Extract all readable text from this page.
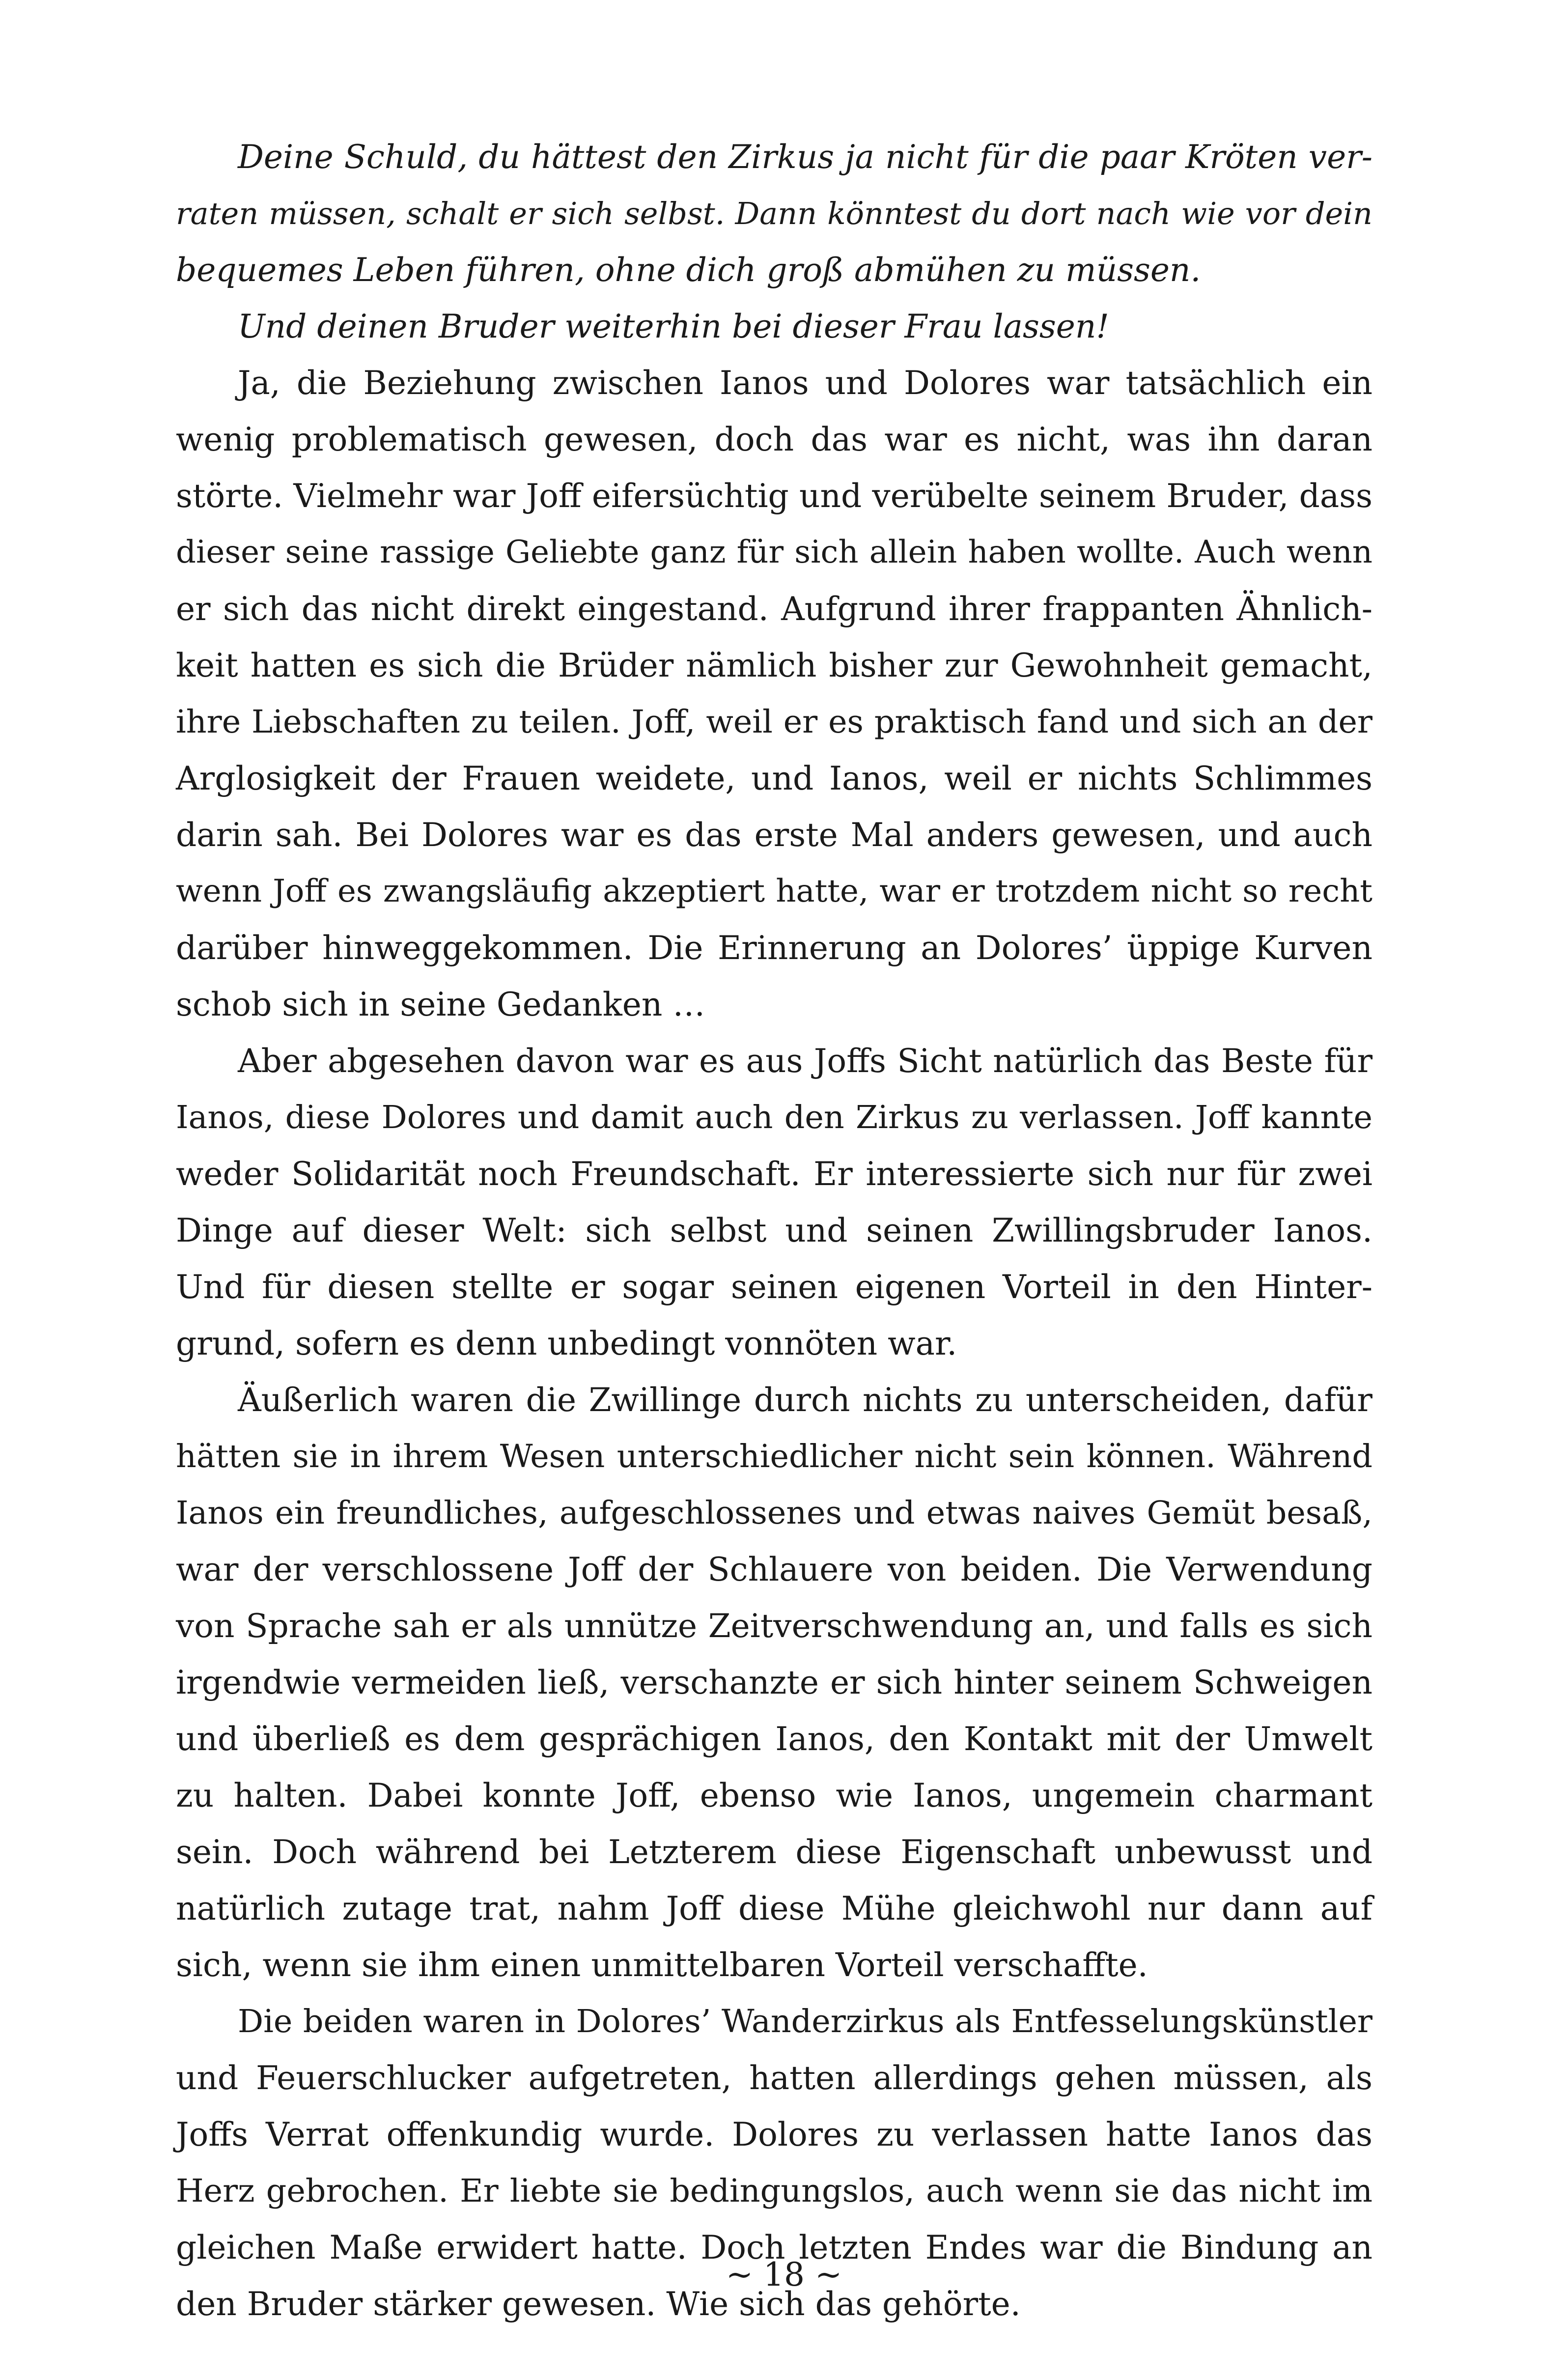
Deine Schuld, du hättest den Zirkus ja nicht für die paar Kröten ver-
raten müssen, schalt er sich selbst. Dann könntest du dort nach wie vor dein
bequemes Leben führen, ohne dich groß abmühen zu müssen.
Und deinen Bruder weiterhin bei dieser Frau lassen!
Ja, die Beziehung zwischen Ianos und Dolores war tatsächlich ein
wenig problematisch gewesen, doch das war es nicht, was ihn daran
störte. Vielmehr war Joff eifersüchtig und verübelte seinem Bruder, dass
dieser seine rassige Geliebte ganz für sich allein haben wollte. Auch wenn
er sich das nicht direkt eingestand. Aufgrund ihrer frappanten Ähnlich-
keit hatten es sich die Brüder nämlich bisher zur Gewohnheit gemacht,
ihre Liebschaften zu teilen. Joff, weil er es praktisch fand und sich an der
Arglosigkeit der Frauen weidete, und Ianos, weil er nichts Schlimmes
darin sah. Bei Dolores war es das erste Mal anders gewesen, und auch
wenn Joff es zwangsläufig akzeptiert hatte, war er trotzdem nicht so recht
darüber hinweggekommen. Die Erinnerung an Dolores’ üppige Kurven
schob sich in seine Gedanken …
Aber abgesehen davon war es aus Joffs Sicht natürlich das Beste für
Ianos, diese Dolores und damit auch den Zirkus zu verlassen. Joff kannte
weder Solidarität noch Freundschaft. Er interessierte sich nur für zwei
Dinge auf dieser Welt: sich selbst und seinen Zwillingsbruder Ianos.
Und für diesen stellte er sogar seinen eigenen Vorteil in den Hinter-
grund, sofern es denn unbedingt vonnöten war.
Äußerlich waren die Zwillinge durch nichts zu unterscheiden, dafür
hätten sie in ihrem Wesen unterschiedlicher nicht sein können. Während
Ianos ein freundliches, aufgeschlossenes und etwas naives Gemüt besaß,
war der verschlossene Joff der Schlauere von beiden. Die Verwendung
von Sprache sah er als unnütze Zeitverschwendung an, und falls es sich
irgendwie vermeiden ließ, verschanzte er sich hinter seinem Schweigen
und überließ es dem gesprächigen Ianos, den Kontakt mit der Umwelt
zu halten. Dabei konnte Joff, ebenso wie Ianos, ungemein charmant
sein. Doch während bei Letzterem diese Eigenschaft unbewusst und
natürlich zutage trat, nahm Joff diese Mühe gleichwohl nur dann auf
sich, wenn sie ihm einen unmittelbaren Vorteil verschaffte.
Die beiden waren in Dolores’ Wanderzirkus als Entfesselungskünstler
und Feuerschlucker aufgetreten, hatten allerdings gehen müssen, als
Joffs Verrat offenkundig wurde. Dolores zu verlassen hatte Ianos das
Herz gebrochen. Er liebte sie bedingungslos, auch wenn sie das nicht im
gleichen Maße erwidert hatte. Doch letzten Endes war die Bindung an
den Bruder stärker gewesen. Wie sich das gehörte.
~ 18 ~
